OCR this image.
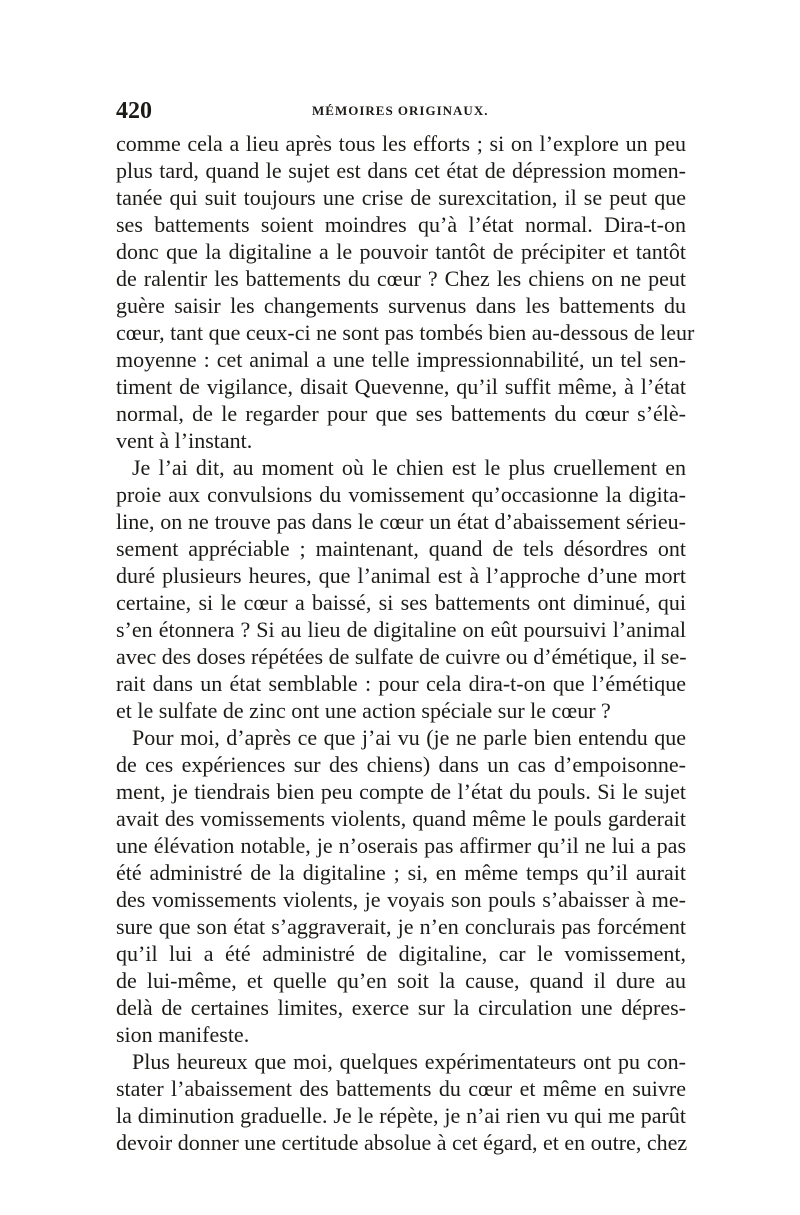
420	MÉMOIRES ORIGINAUX.
comme cela a lieu après tous les efforts ; si on l’explore un peu
plus tard, quand le sujet est dans cet état de dépression momen-
tanée qui suit toujours une crise de surexcitation, il se peut que
ses battements soient moindres qu’à l’état normal. Dira-t-on
donc que la digitaline a le pouvoir tantôt de précipiter et tantôt
de ralentir les battements du cœur ? Chez les chiens on ne peut
guère saisir les changements survenus dans les battements du
cœur, tant que ceux-ci ne sont pas tombés bien au-dessous de leur
moyenne : cet animal a une telle impressionnabilité, un tel sen-
timent de vigilance, disait Quevenne, qu’il suffit même, à l’état
normal, de le regarder pour que ses battements du cœur s’élè-
vent à l’instant.
Je l’ai dit, au moment où le chien est le plus cruellement en
proie aux convulsions du vomissement qu’occasionne la digita-
line, on ne trouve pas dans le cœur un état d’abaissement sérieu-
sement appréciable ; maintenant, quand de tels désordres ont
duré plusieurs heures, que l’animal est à l’approche d’une mort
certaine, si le cœur a baissé, si ses battements ont diminué, qui
s’en étonnera ? Si au lieu de digitaline on eût poursuivi l’animal
avec des doses répétées de sulfate de cuivre ou d’émétique, il se-
rait dans un état semblable : pour cela dira-t-on que l’émétique
et le sulfate de zinc ont une action spéciale sur le cœur ?
Pour moi, d’après ce que j’ai vu (je ne parle bien entendu que
de ces expériences sur des chiens) dans un cas d’empoisonne-
ment, je tiendrais bien peu compte de l’état du pouls. Si le sujet
avait des vomissements violents, quand même le pouls garderait
une élévation notable, je n’oserais pas affirmer qu’il ne lui a pas
été administré de la digitaline ; si, en même temps qu’il aurait
des vomissements violents, je voyais son pouls s’abaisser à me-
sure que son état s’aggraverait, je n’en conclurais pas forcément
qu’il lui a été administré de digitaline, car le vomissement,
de lui-même, et quelle qu’en soit la cause, quand il dure au
delà de certaines limites, exerce sur la circulation une dépres-
sion manifeste.
Plus heureux que moi, quelques expérimentateurs ont pu con-
stater l’abaissement des battements du cœur et même en suivre
la diminution graduelle. Je le répète, je n’ai rien vu qui me parût
devoir donner une certitude absolue à cet égard, et en outre, chez
